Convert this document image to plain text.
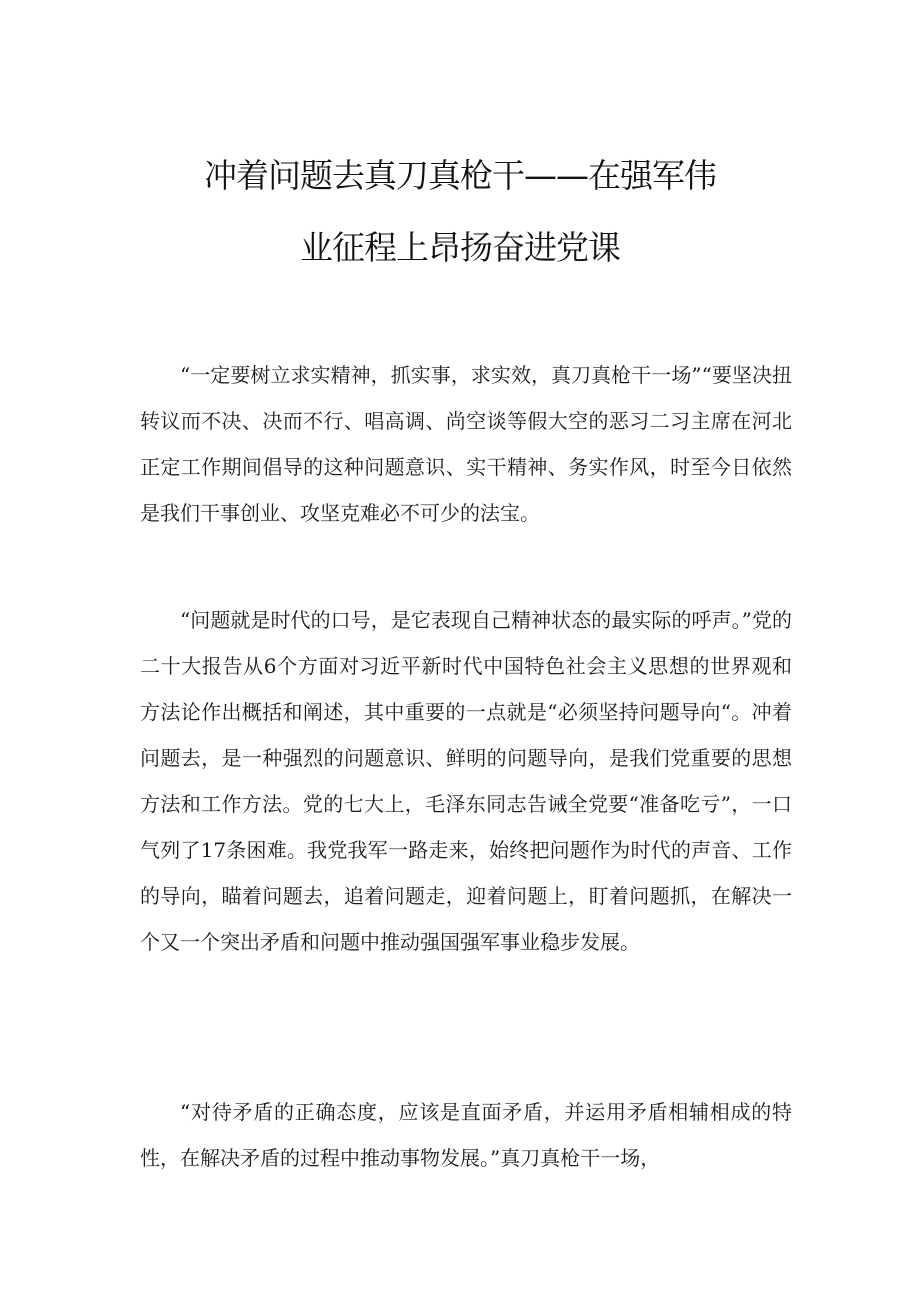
冲着问题去真刀真枪干——在强军伟
业征程上昂扬奋进党课

“一定要树立求实精神，抓实事，求实效，真刀真枪干一场”“要坚决扭转议而不决、决而不行、唱高调、尚空谈等假大空的恶习二习主席在河北正定工作期间倡导的这种问题意识、实干精神、务实作风，时至今日依然是我们干事创业、攻坚克难必不可少的法宝。

“问题就是时代的口号，是它表现自己精神状态的最实际的呼声。”党的二十大报告从6个方面对习近平新时代中国特色社会主义思想的世界观和方法论作出概括和阐述，其中重要的一点就是“必须坚持问题导向“。冲着问题去，是一种强烈的问题意识、鲜明的问题导向，是我们党重要的思想方法和工作方法。党的七大上，毛泽东同志告诫全党要“准备吃亏”，一口气列了17条困难。我党我军一路走来，始终把问题作为时代的声音、工作的导向，瞄着问题去，追着问题走，迎着问题上，盯着问题抓，在解决一个又一个突出矛盾和问题中推动强国强军事业稳步发展。

“对待矛盾的正确态度，应该是直面矛盾，并运用矛盾相辅相成的特性，在解决矛盾的过程中推动事物发展。”真刀真枪干一场，
